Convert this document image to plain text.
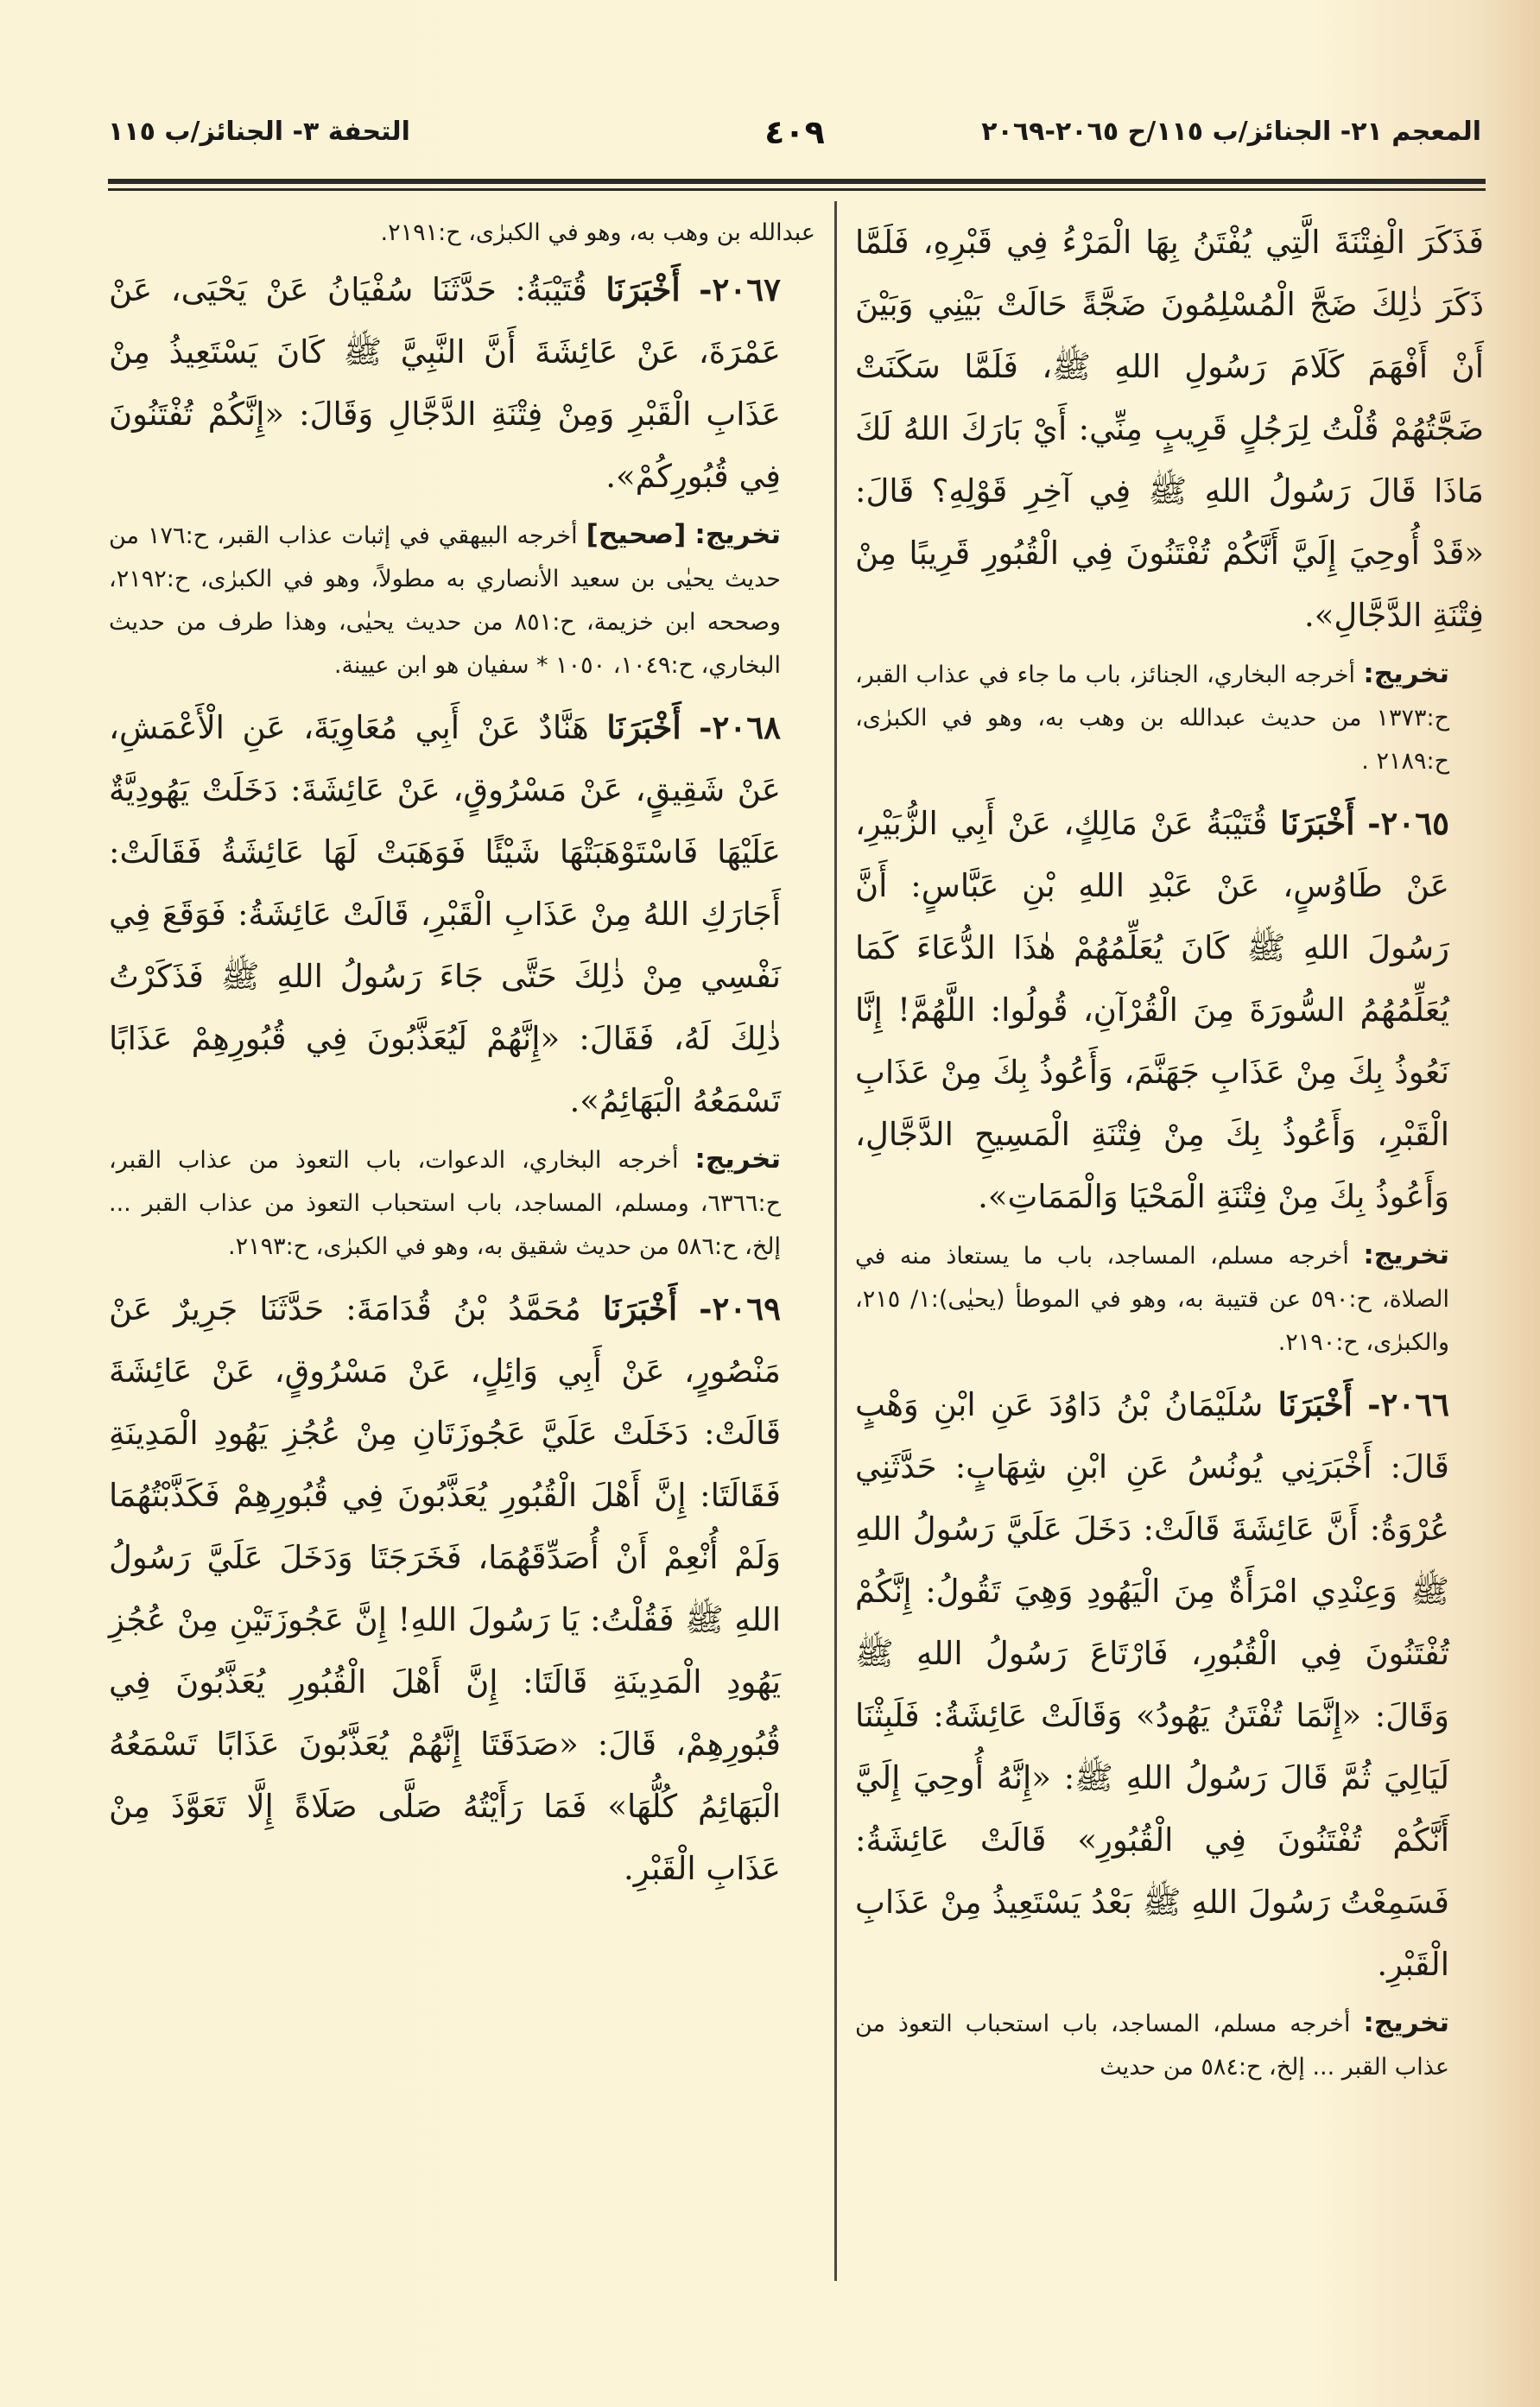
المعجم ٢١- الجنائز/ب ١١٥/ح ٢٠٦٥-٢٠٦٩
٤٠٩
التحفة ٣- الجنائز/ب ١١٥

فَذَكَرَ الْفِتْنَةَ الَّتِي يُفْتَنُ بِهَا الْمَرْءُ فِي قَبْرِهِ، فَلَمَّا ذَكَرَ ذٰلِكَ ضَجَّ الْمُسْلِمُونَ ضَجَّةً حَالَتْ بَيْنِي وَبَيْنَ أَنْ أَفْهَمَ كَلَامَ رَسُولِ اللهِ ﷺ، فَلَمَّا سَكَنَتْ ضَجَّتُهُمْ قُلْتُ لِرَجُلٍ قَرِيبٍ مِنِّي: أَيْ بَارَكَ اللهُ لَكَ مَاذَا قَالَ رَسُولُ اللهِ ﷺ فِي آخِرِ قَوْلِهِ؟ قَالَ: «قَدْ أُوحِيَ إِلَيَّ أَنَّكُمْ تُفْتَنُونَ فِي الْقُبُورِ قَرِيبًا مِنْ فِتْنَةِ الدَّجَّالِ».

تخريج: أخرجه البخاري، الجنائز، باب ما جاء في عذاب القبر، ح:١٣٧٣ من حديث عبدالله بن وهب به، وهو في الكبرٰى، ح:٢١٨٩ .

٢٠٦٥- أَخْبَرَنَا قُتَيْبَةُ عَنْ مَالِكٍ، عَنْ أَبِي الزُّبَيْرِ، عَنْ طَاوُسٍ، عَنْ عَبْدِ اللهِ بْنِ عَبَّاسٍ: أَنَّ رَسُولَ اللهِ ﷺ كَانَ يُعَلِّمُهُمْ هٰذَا الدُّعَاءَ كَمَا يُعَلِّمُهُمُ السُّورَةَ مِنَ الْقُرْآنِ، قُولُوا: اللَّهُمَّ! إِنَّا نَعُوذُ بِكَ مِنْ عَذَابِ جَهَنَّمَ، وَأَعُوذُ بِكَ مِنْ عَذَابِ الْقَبْرِ، وَأَعُوذُ بِكَ مِنْ فِتْنَةِ الْمَسِيحِ الدَّجَّالِ، وَأَعُوذُ بِكَ مِنْ فِتْنَةِ الْمَحْيَا وَالْمَمَاتِ».

تخريج: أخرجه مسلم، المساجد، باب ما يستعاذ منه في الصلاة، ح:٥٩٠ عن قتيبة به، وهو في الموطأ (يحيٰى):١/ ٢١٥، والكبرٰى، ح:٢١٩٠.

٢٠٦٦- أَخْبَرَنَا سُلَيْمَانُ بْنُ دَاوُدَ عَنِ ابْنِ وَهْبٍ قَالَ: أَخْبَرَنِي يُونُسُ عَنِ ابْنِ شِهَابٍ: حَدَّثَنِي عُرْوَةُ: أَنَّ عَائِشَةَ قَالَتْ: دَخَلَ عَلَيَّ رَسُولُ اللهِ ﷺ وَعِنْدِي امْرَأَةٌ مِنَ الْيَهُودِ وَهِيَ تَقُولُ: إِنَّكُمْ تُفْتَنُونَ فِي الْقُبُورِ، فَارْتَاعَ رَسُولُ اللهِ ﷺ وَقَالَ: «إِنَّمَا تُفْتَنُ يَهُودُ» وَقَالَتْ عَائِشَةُ: فَلَبِثْنَا لَيَالِيَ ثُمَّ قَالَ رَسُولُ اللهِ ﷺ: «إِنَّهُ أُوحِيَ إِلَيَّ أَنَّكُمْ تُفْتَنُونَ فِي الْقُبُورِ» قَالَتْ عَائِشَةُ: فَسَمِعْتُ رَسُولَ اللهِ ﷺ بَعْدُ يَسْتَعِيذُ مِنْ عَذَابِ الْقَبْرِ.

تخريج: أخرجه مسلم، المساجد، باب استحباب التعوذ من عذاب القبر ... إلخ، ح:٥٨٤ من حديث

عبدالله بن وهب به، وهو في الكبرٰى، ح:٢١٩١.

٢٠٦٧- أَخْبَرَنَا قُتَيْبَةُ: حَدَّثَنَا سُفْيَانُ عَنْ يَحْيَى، عَنْ عَمْرَةَ، عَنْ عَائِشَةَ أَنَّ النَّبِيَّ ﷺ كَانَ يَسْتَعِيذُ مِنْ عَذَابِ الْقَبْرِ وَمِنْ فِتْنَةِ الدَّجَّالِ وَقَالَ: «إِنَّكُمْ تُفْتَنُونَ فِي قُبُورِكُمْ».

تخريج: [صحيح] أخرجه البيهقي في إثبات عذاب القبر، ح:١٧٦ من حديث يحيٰى بن سعيد الأنصاري به مطولاً، وهو في الكبرٰى، ح:٢١٩٢، وصححه ابن خزيمة، ح:٨٥١ من حديث يحيٰى، وهذا طرف من حديث البخاري، ح:١٠٤٩، ١٠٥٠ * سفيان هو ابن عيينة.

٢٠٦٨- أَخْبَرَنَا هَنَّادٌ عَنْ أَبِي مُعَاوِيَةَ، عَنِ الْأَعْمَشِ، عَنْ شَقِيقٍ، عَنْ مَسْرُوقٍ، عَنْ عَائِشَةَ: دَخَلَتْ يَهُودِيَّةٌ عَلَيْهَا فَاسْتَوْهَبَتْهَا شَيْئًا فَوَهَبَتْ لَهَا عَائِشَةُ فَقَالَتْ: أَجَارَكِ اللهُ مِنْ عَذَابِ الْقَبْرِ، قَالَتْ عَائِشَةُ: فَوَقَعَ فِي نَفْسِي مِنْ ذٰلِكَ حَتَّى جَاءَ رَسُولُ اللهِ ﷺ فَذَكَرْتُ ذٰلِكَ لَهُ، فَقَالَ: «إِنَّهُمْ لَيُعَذَّبُونَ فِي قُبُورِهِمْ عَذَابًا تَسْمَعُهُ الْبَهَائِمُ».

تخريج: أخرجه البخاري، الدعوات، باب التعوذ من عذاب القبر، ح:٦٣٦٦، ومسلم، المساجد، باب استحباب التعوذ من عذاب القبر ... إلخ، ح:٥٨٦ من حديث شقيق به، وهو في الكبرٰى، ح:٢١٩٣.

٢٠٦٩- أَخْبَرَنَا مُحَمَّدُ بْنُ قُدَامَةَ: حَدَّثَنَا جَرِيرٌ عَنْ مَنْصُورٍ، عَنْ أَبِي وَائِلٍ، عَنْ مَسْرُوقٍ، عَنْ عَائِشَةَ قَالَتْ: دَخَلَتْ عَلَيَّ عَجُوزَتَانِ مِنْ عُجُزِ يَهُودِ الْمَدِينَةِ فَقَالَتَا: إِنَّ أَهْلَ الْقُبُورِ يُعَذَّبُونَ فِي قُبُورِهِمْ فَكَذَّبْتُهُمَا وَلَمْ أُنْعِمْ أَنْ أُصَدِّقَهُمَا، فَخَرَجَتَا وَدَخَلَ عَلَيَّ رَسُولُ اللهِ ﷺ فَقُلْتُ: يَا رَسُولَ اللهِ! إِنَّ عَجُوزَتَيْنِ مِنْ عُجُزِ يَهُودِ الْمَدِينَةِ قَالَتَا: إِنَّ أَهْلَ الْقُبُورِ يُعَذَّبُونَ فِي قُبُورِهِمْ، قَالَ: «صَدَقَتَا إِنَّهُمْ يُعَذَّبُونَ عَذَابًا تَسْمَعُهُ الْبَهَائِمُ كُلُّهَا» فَمَا رَأَيْتُهُ صَلَّى صَلَاةً إِلَّا تَعَوَّذَ مِنْ عَذَابِ الْقَبْرِ.
